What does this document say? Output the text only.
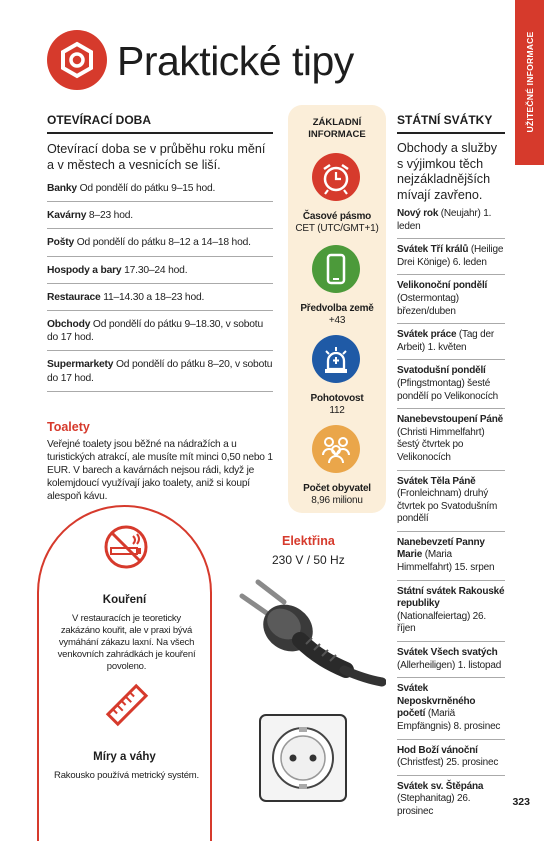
Praktické tipy	UŽITEČNÉ INFORMACE
OTEVÍRACÍ DOBA
Otevírací doba se v průběhu roku mění a v městech a vesnicích se liší.
Banky Od pondělí do pátku 9–15 hod.
Kavárny 8–23 hod.
Pošty Od pondělí do pátku 8–12 a 14–18 hod.
Hospody a bary 17.30–24 hod.
Restaurace 11–14.30 a 18–23 hod.
Obchody Od pondělí do pátku 9–18.30, v sobotu do 17 hod.
Supermarkety Od pondělí do pátku 8–20, v sobotu do 17 hod.
Toalety
Veřejné toalety jsou běžné na nádražích a u turistických atrakcí, ale musíte mít minci 0,50 nebo 1 EUR. V barech a kavárnách nejsou rádi, když je kolemjdoucí využívají jako toalety, aniž si koupí alespoň kávu.
Kouření
V restauracích je teoreticky zakázáno kouřit, ale v praxi bývá vymáhání zákazu laxní. Na všech venkovních zahrádkách je kouření povoleno.
Míry a váhy
Rakousko používá metrický systém.
ZÁKLADNÍ
INFORMACE
Časové pásmo
CET (UTC/GMT+1)
Předvolba země
+43
Pohotovost
112
Počet obyvatel
8,96 milionu
Elektřina
230 V / 50 Hz
STÁTNÍ SVÁTKY
Obchody a služby s výjimkou těch nejzákladnějších mívají zavřeno.
Nový rok (Neujahr) 1. leden
Svátek Tří králů (Heilige Drei Könige) 6. leden
Velikonoční pondělí (Ostermontag) březen/duben
Svátek práce (Tag der Arbeit) 1. květen
Svatodušní pondělí (Pfingstmontag) šesté pondělí po Velikonocích
Nanebevstoupení Páně (Christi Himmelfahrt) šestý čtvrtek po Velikonocích
Svátek Těla Páně (Fronleichnam) druhý čtvrtek po Svatodušním pondělí
Nanebevzetí Panny Marie (Maria Himmelfahrt) 15. srpen
Státní svátek Rakouské republiky (Nationalfeiertag) 26. říjen
Svátek Všech svatých (Allerheiligen) 1. listopad
Svátek Neposkvrněného početí (Mariä Empfängnis) 8. prosinec
Hod Boží vánoční (Christfest) 25. prosinec
Svátek sv. Štěpána (Stephanitag) 26. prosinec
323
